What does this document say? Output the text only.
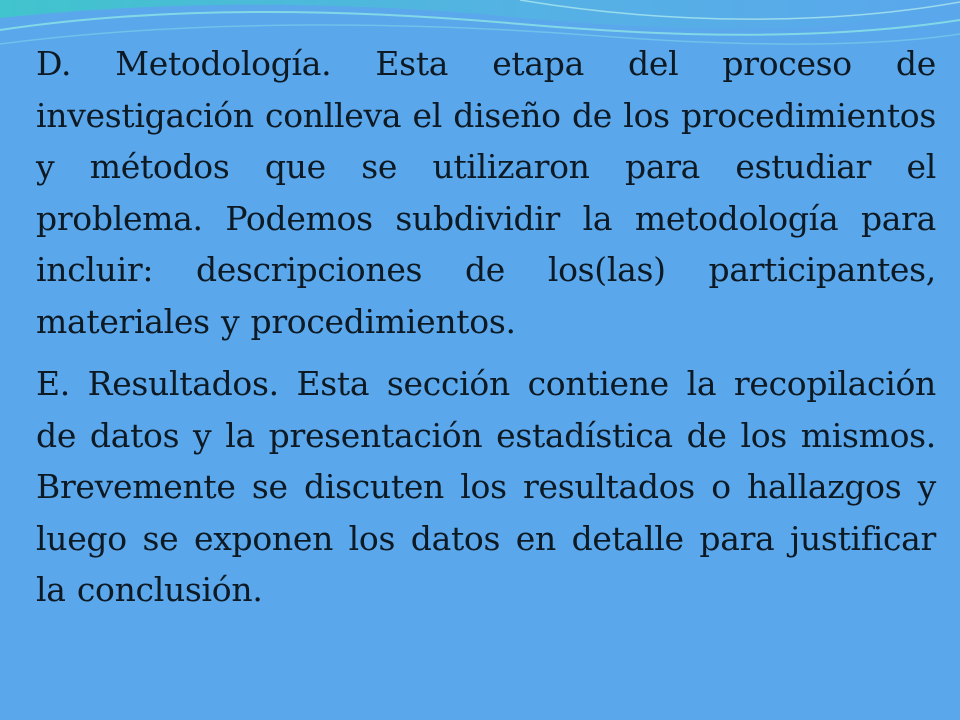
D. Metodología. Esta etapa del proceso de investigación conlleva el diseño de los procedimientos y métodos que se utilizaron para estudiar el problema. Podemos subdividir la metodología para incluir: descripciones de los(las) participantes, materiales y procedimientos.

E. Resultados. Esta sección contiene la recopilación de datos y la presentación estadística de los mismos. Brevemente se discuten los resultados o hallazgos y luego se exponen los datos en detalle para justificar la conclusión.
